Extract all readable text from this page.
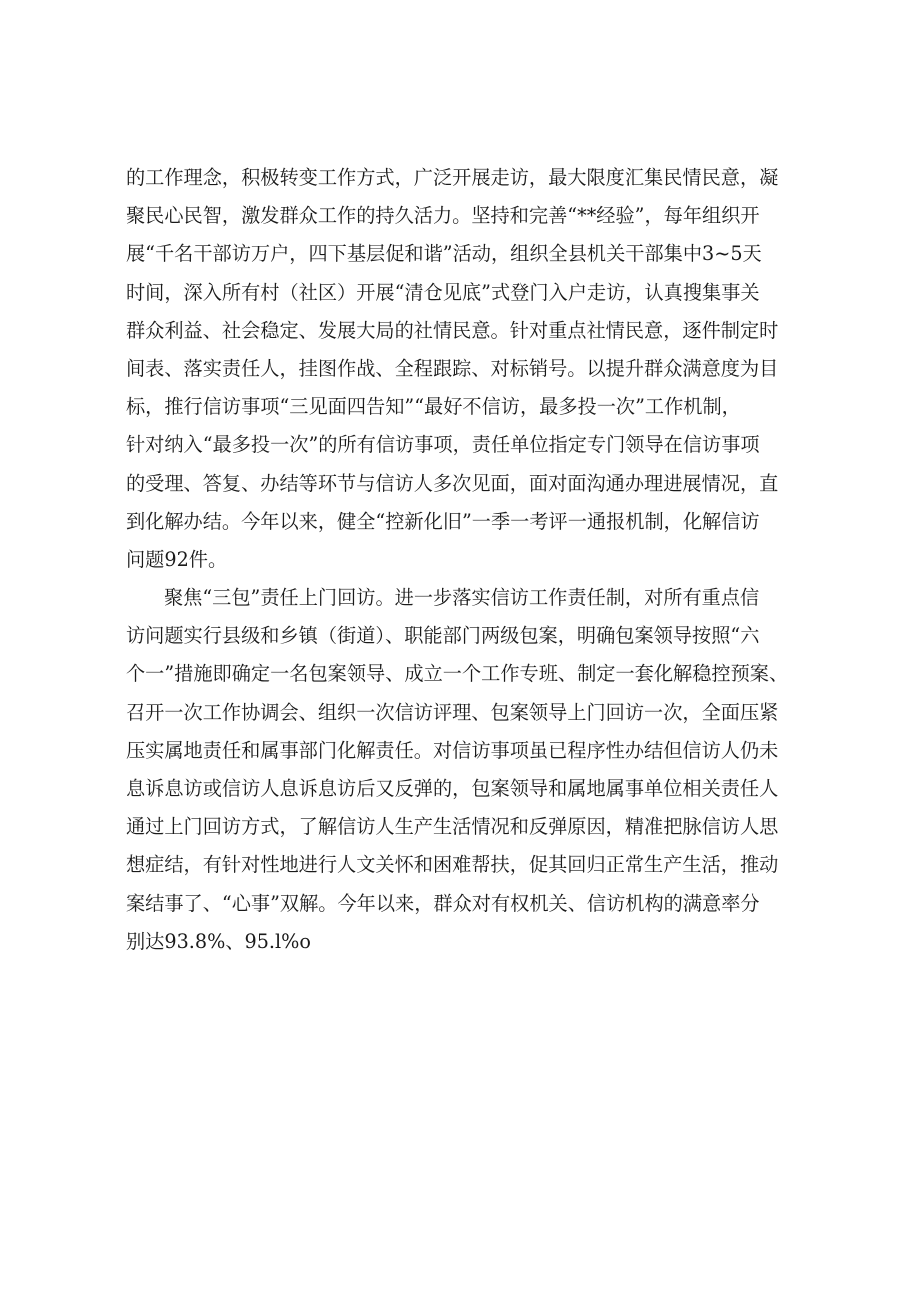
的工作理念，积极转变工作方式，广泛开展走访，最大限度汇集民情民意，凝
聚民心民智，激发群众工作的持久活力。坚持和完善“**经验”，每年组织开
展“千名干部访万户，四下基层促和谐”活动，组织全县机关干部集中3~5天
时间，深入所有村（社区）开展“清仓见底”式登门入户走访，认真搜集事关
群众利益、社会稳定、发展大局的社情民意。针对重点社情民意，逐件制定时
间表、落实责任人，挂图作战、全程跟踪、对标销号。以提升群众满意度为目
标，推行信访事项“三见面四告知”“最好不信访，最多投一次”工作机制，
针对纳入“最多投一次”的所有信访事项，责任单位指定专门领导在信访事项
的受理、答复、办结等环节与信访人多次见面，面对面沟通办理进展情况，直
到化解办结。今年以来，健全“控新化旧”一季一考评一通报机制，化解信访
问题92件。
聚焦“三包”责任上门回访。进一步落实信访工作责任制，对所有重点信
访问题实行县级和乡镇（街道）、职能部门两级包案，明确包案领导按照“六
个一”措施即确定一名包案领导、成立一个工作专班、制定一套化解稳控预案、
召开一次工作协调会、组织一次信访评理、包案领导上门回访一次，全面压紧
压实属地责任和属事部门化解责任。对信访事项虽已程序性办结但信访人仍未
息诉息访或信访人息诉息访后又反弹的，包案领导和属地属事单位相关责任人
通过上门回访方式，了解信访人生产生活情况和反弹原因，精准把脉信访人思
想症结，有针对性地进行人文关怀和困难帮扶，促其回归正常生产生活，推动
案结事了、“心事”双解。今年以来，群众对有权机关、信访机构的满意率分
别达93.8%、95.l%o
